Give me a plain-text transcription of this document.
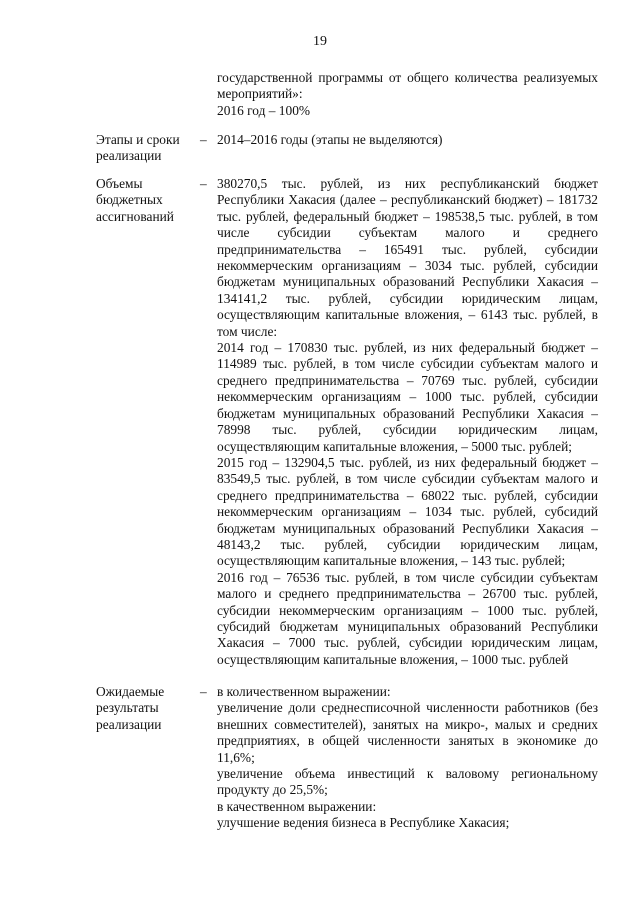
19

государственной программы от общего количества реализуемых мероприятий»:

2016 год – 100%

Этапы и сроки реализации
– 2014–2016 годы (этапы не выделяются)

Объемы бюджетных ассигнований
– 380270,5 тыс. рублей, из них республиканский бюджет Республики Хакасия (далее – республиканский бюджет) – 181732 тыс. рублей, федеральный бюджет – 198538,5 тыс. рублей, в том числе субсидии субъектам малого и среднего предпринимательства – 165491 тыс. рублей, субсидии некоммерческим организациям – 3034 тыс. рублей, субсидии бюджетам муниципальных образований Республики Хакасия – 134141,2 тыс. рублей, субсидии юридическим лицам, осуществляющим капитальные вложения, – 6143 тыс. рублей, в том числе:

2014 год – 170830 тыс. рублей, из них федеральный бюджет – 114989 тыс. рублей, в том числе субсидии субъектам малого и среднего предпринимательства – 70769 тыс. рублей, субсидии некоммерческим организациям – 1000 тыс. рублей, субсидии бюджетам муниципальных образований Республики Хакасия – 78998 тыс. рублей, субсидии юридическим лицам, осуществляющим капитальные вложения, – 5000 тыс. рублей;

2015 год – 132904,5 тыс. рублей, из них федеральный бюджет – 83549,5 тыс. рублей, в том числе субсидии субъектам малого и среднего предпринимательства – 68022 тыс. рублей, субсидии некоммерческим организациям – 1034 тыс. рублей, субсидий бюджетам муниципальных образований Республики Хакасия – 48143,2 тыс. рублей, субсидии юридическим лицам, осуществляющим капитальные вложения, – 143 тыс. рублей;

2016 год – 76536 тыс. рублей, в том числе субсидии субъектам малого и среднего предпринимательства – 26700 тыс. рублей, субсидии некоммерческим организациям – 1000 тыс. рублей, субсидий бюджетам муниципальных образований Республики Хакасия – 7000 тыс. рублей, субсидии юридическим лицам, осуществляющим капитальные вложения, – 1000 тыс. рублей

Ожидаемые результаты реализации
– в количественном выражении:

увеличение доли среднесписочной численности работников (без внешних совместителей), занятых на микро-, малых и средних предприятиях, в общей численности занятых в экономике до 11,6%;

увеличение объема инвестиций к валовому региональному продукту до 25,5%;

в качественном выражении:

улучшение ведения бизнеса в Республике Хакасия;
